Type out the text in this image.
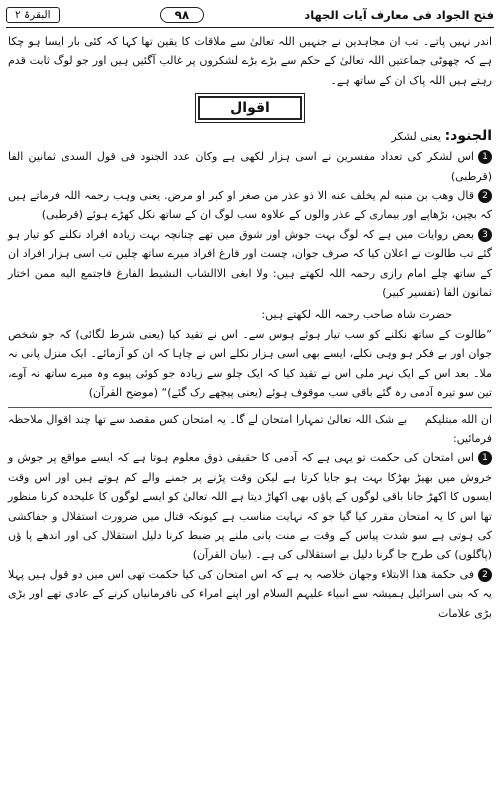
فتح الجواد فى معارف آيات الجهاد
۹۸
البقرۃ ۲

اندر نہیں پاتے۔ تب ان مجاہدین نے جنہیں اللہ تعالیٰ سے ملاقات کا یقین تھا کہا کہ کئی بار ایسا ہو چکا ہے کہ چھوٹی جماعتیں اللہ تعالیٰ کے حکم سے بڑے بڑے لشکروں پر غالب آگئیں ہیں اور جو لوگ ثابت قدم رہتے ہیں اللہ پاک ان کے ساتھ ہے۔

اقوال
الجنود: یعنی لشکر

1اس لشکر کی تعداد مفسرین نے اسی ہزار لکھی ہے وكان عدد الجنود فى قول السدى ثمانين الفا (قرطبی)

2قال وهب بن منبه لم يخلف عنه الا ذو عذر من صغر او كبر او مرض. یعنی وہب رحمہ اللہ فرماتے ہیں کہ بچپن، بڑھاپے اور بیماری کے عذر والوں کے علاوہ سب لوگ ان کے ساتھ نکل کھڑے ہوئے (قرطبی)

3بعض روایات میں ہے کہ لوگ بہت جوش اور شوق میں تھے چنانچہ بہت زیادہ افراد نکلنے کو تیار ہو گئے تب طالوت نے اعلان کیا کہ صرف جوان، چست اور فارغ افراد میرے ساتھ چلیں تب اسی ہزار افراد ان کے ساتھ چلے امام رازی رحمہ اللہ لکھتے ہیں: ولا ابغى الاالشاب النشيط الفارغ فاجتمع اليه ممن اختار ثمانون الفا (تفسیر کبیر)

حضرت شاہ صاحب رحمہ اللہ لکھتے ہیں:

”طالوت کے ساتھ نکلنے کو سب تیار ہوئے ہوس سے۔ اس نے تقید کیا (یعنی شرط لگائی) کہ جو شخص جوان اور بے فکر ہو وہی نکلے، ایسے بھی اسی ہزار نکلے اس نے چاہا کہ ان کو آزمائے۔ ایک منزل پانی نہ ملا۔ بعد اس کے ایک نہر ملی اس نے تقید کیا کہ ایک چلو سے زیادہ جو کوئی پیوے وہ میرے ساتھ نہ آوے، تین سو تیرہ آدمی رہ گئے باقی سب موقوف ہوئے (یعنی پیچھے رک گئے)“ (موضح القرآن)

ان الله مبتليكم بے شک اللہ تعالیٰ تمہارا امتحان لے گا۔ یہ امتحان کس مقصد سے تھا چند اقوال ملاحظہ فرمائیں:

1اس امتحان کی حکمت تو یہی ہے کہ آدمی کا حقیقی ذوق معلوم ہوتا ہے کہ ایسے مواقع پر جوش و خروش میں بھیڑ بھڑکا بہت ہو جایا کرتا ہے لیکن وقت پڑنے پر جمنے والے کم ہوتے ہیں اور اس وقت ایسوں کا اکھڑ جانا باقی لوگوں کے پاؤں بھی اکھاڑ دیتا ہے اللہ تعالیٰ کو ایسے لوگوں کا علیحدہ کرنا منظور تھا اس کا یہ امتحان مقرر کیا گیا جو کہ نہایت مناسب ہے کیونکہ قتال میں ضرورت استقلال و جفاکشی کی ہوتی ہے سو شدت پیاس کے وقت بے منت پانی ملنے پر ضبط کرنا دلیل استقلال کی اور اندھے پا ؤں (پاگلوں) کی طرح جا گرنا دلیل بے استقلالی کی ہے۔ (بیان القرآن)

2فى حكمة هذا الابتلاء وجهان خلاصہ یہ ہے کہ اس امتحان کی کیا حکمت تھی اس میں دو قول ہیں پہلا یہ کہ بنی اسرائیل ہمیشہ سے انبیاء علیہم السلام اور اپنے امراء کی نافرمانیاں کرنے کے عادی تھے اور بڑی بڑی علامات
